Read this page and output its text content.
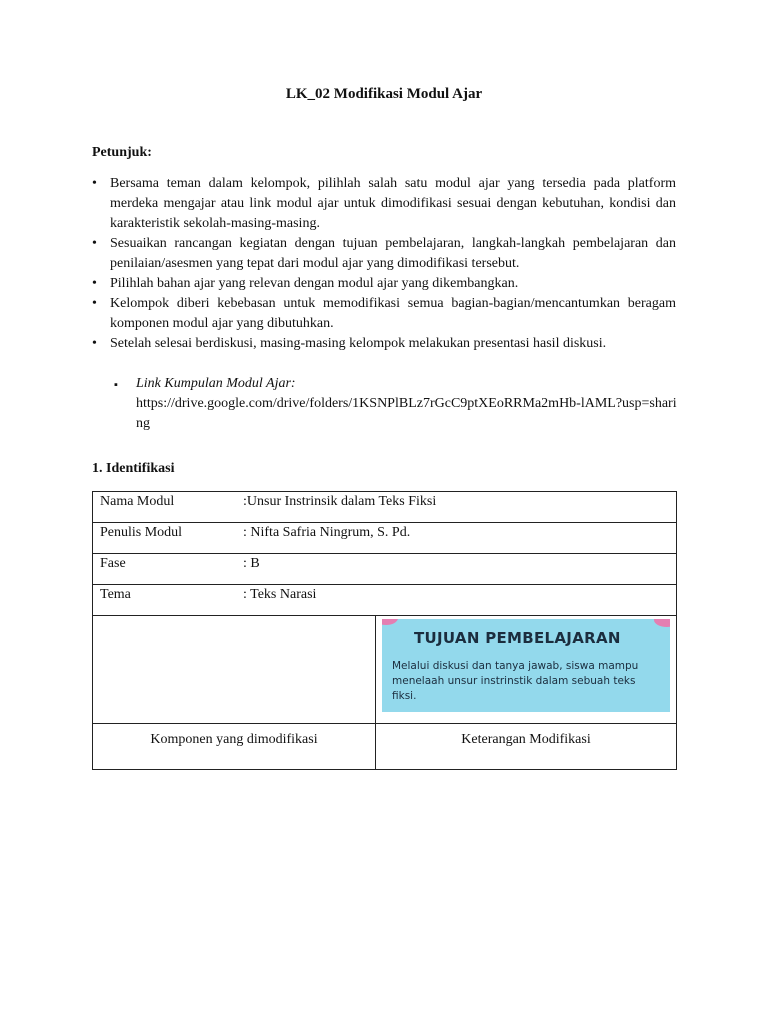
LK_02 Modifikasi Modul Ajar
Petunjuk:
• Bersama teman dalam kelompok, pilihlah salah satu modul ajar yang tersedia pada platform merdeka mengajar atau link modul ajar untuk dimodifikasi sesuai dengan kebutuhan, kondisi dan karakteristik sekolah-masing-masing.
• Sesuaikan rancangan kegiatan dengan tujuan pembelajaran, langkah-langkah pembelajaran dan penilaian/asesmen yang tepat dari modul ajar yang dimodifikasi tersebut.
• Pilihlah bahan ajar yang relevan dengan modul ajar yang dikembangkan.
• Kelompok diberi kebebasan untuk memodifikasi semua bagian-bagian/mencantumkan beragam komponen modul ajar yang dibutuhkan.
• Setelah selesai berdiskusi, masing-masing kelompok melakukan presentasi hasil diskusi.
▪	Link Kumpulan Modul Ajar:
https://drive.google.com/drive/folders/1KSNPlBLz7rGcC9ptXEoRRMa2mHb-lAML?usp=sharing
1. Identifikasi
Nama Modul :Unsur Instrinsik dalam Teks Fiksi	

Penulis Modul : Nifta Safria Ningrum, S. Pd.	

Fase : B	

Tema : Teks Narasi	

	TUJUAN PEMBELAJARAN
Melalui diskusi dan tanya jawab, siswa mampu menelaah unsur instrinstik dalam sebuah teks fiksi.

Komponen yang dimodifikasi	Keterangan Modifikasi
